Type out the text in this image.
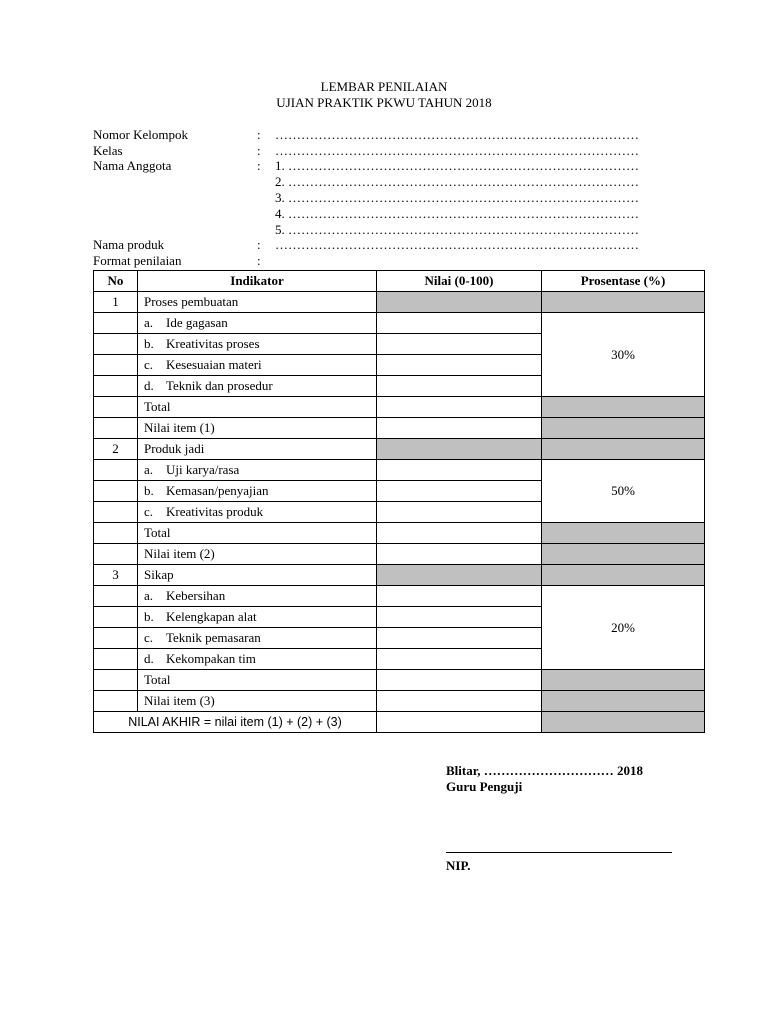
LEMBAR PENILAIAN
UJIAN PRAKTIK PKWU TAHUN 2018
Nomor Kelompok	: …………………………………………………………………………
Kelas	: …………………………………………………………………………
Nama Anggota	: 1. ………………………………………………………………………
2. ………………………………………………………………………
3. ………………………………………………………………………
4. ………………………………………………………………………
5. ………………………………………………………………………
Nama produk	: …………………………………………………………………………
Format penilaian	:
No	Indikator	Nilai (0-100)	Prosentase (%)
1	Proses pembuatan		
	a. Ide gagasan		30%
	b. Kreativitas proses		
	c. Kesesuaian materi		
	d. Teknik dan prosedur		
	Total		
	Nilai item (1)		
2	Produk jadi		
	a. Uji karya/rasa		50%
	b. Kemasan/penyajian		
	c. Kreativitas produk		
	Total		
	Nilai item (2)		
3	Sikap		
	a. Kebersihan		20%
	b. Kelengkapan alat		
	c. Teknik pemasaran		
	d. Kekompakan tim		
	Total		
	Nilai item (3)		
NILAI AKHIR = nilai item (1) + (2) + (3)			
Blitar, ………………………… 2018
Guru Penguji
NIP.
